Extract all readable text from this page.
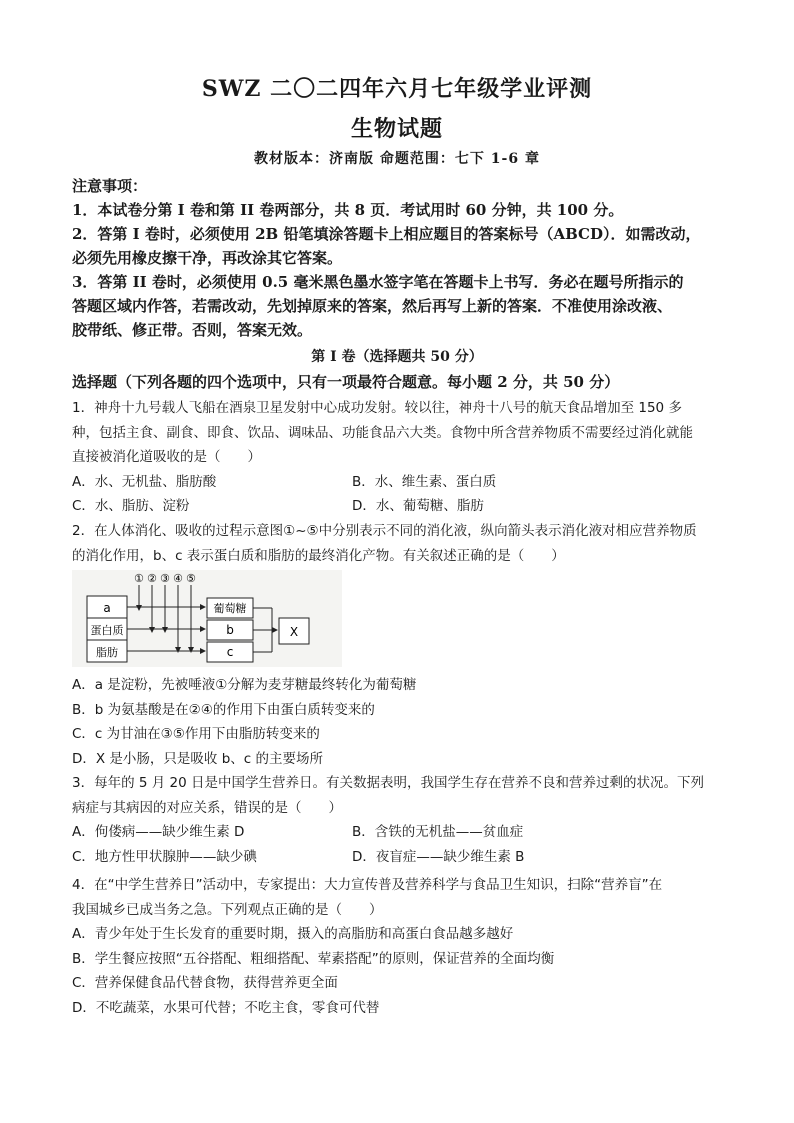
SWZ 二〇二四年六月七年级学业评测
生物试题
教材版本：济南版 命题范围：七下 1-6 章

注意事项：

1．本试卷分第 I 卷和第 II 卷两部分，共 8 页．考试用时 60 分钟，共 100 分。

2．答第 I 卷时，必须使用 2B 铅笔填涂答题卡上相应题目的答案标号（ABCD）．如需改动，

必须先用橡皮擦干净，再改涂其它答案。

3．答第 II 卷时，必须使用 0.5 毫米黑色墨水签字笔在答题卡上书写．务必在题号所指示的

答题区域内作答，若需改动，先划掉原来的答案，然后再写上新的答案．不准使用涂改液、

胶带纸、修正带。否则，答案无效。

第 I 卷（选择题共 50 分）
选择题（下列各题的四个选项中，只有一项最符合题意。每小题 2 分，共 50 分）

1．神舟十九号载人飞船在酒泉卫星发射中心成功发射。较以往，神舟十八号的航天食品增加至 150 多

种，包括主食、副食、即食、饮品、调味品、功能食品六大类。食物中所含营养物质不需要经过消化就能

直接被消化道吸收的是（　　）

A．水、无机盐、脂肪酸	B．水、维生素、蛋白质
C．水、脂肪、淀粉	D．水、葡萄糖、脂肪

2．在人体消化、吸收的过程示意图①~⑤中分别表示不同的消化液，纵向箭头表示消化液对相应营养物质

的消化作用，b、c 表示蛋白质和脂肪的最终消化产物。有关叙述正确的是（　　）

① ② ③ ④ ⑤
a
蛋白质
脂肪
葡萄糖
b
c
X

A．a 是淀粉，先被唾液①分解为麦芽糖最终转化为葡萄糖

B．b 为氨基酸是在②④的作用下由蛋白质转变来的

C．c 为甘油在③⑤作用下由脂肪转变来的

D．X 是小肠，只是吸收 b、c 的主要场所

3．每年的 5 月 20 日是中国学生营养日。有关数据表明，我国学生存在营养不良和营养过剩的状况。下列

病症与其病因的对应关系，错误的是（　　）

A．佝偻病——缺少维生素 D	B．含铁的无机盐——贫血症
C．地方性甲状腺肿——缺少碘	D．夜盲症——缺少维生素 B

4．在“中学生营养日”活动中，专家提出：大力宣传普及营养科学与食品卫生知识，扫除“营养盲”在

我国城乡已成当务之急。下列观点正确的是（　　）

A．青少年处于生长发育的重要时期，摄入的高脂肪和高蛋白食品越多越好

B．学生餐应按照“五谷搭配、粗细搭配、荤素搭配”的原则，保证营养的全面均衡

C．营养保健食品代替食物，获得营养更全面

D．不吃蔬菜，水果可代替；不吃主食，零食可代替
